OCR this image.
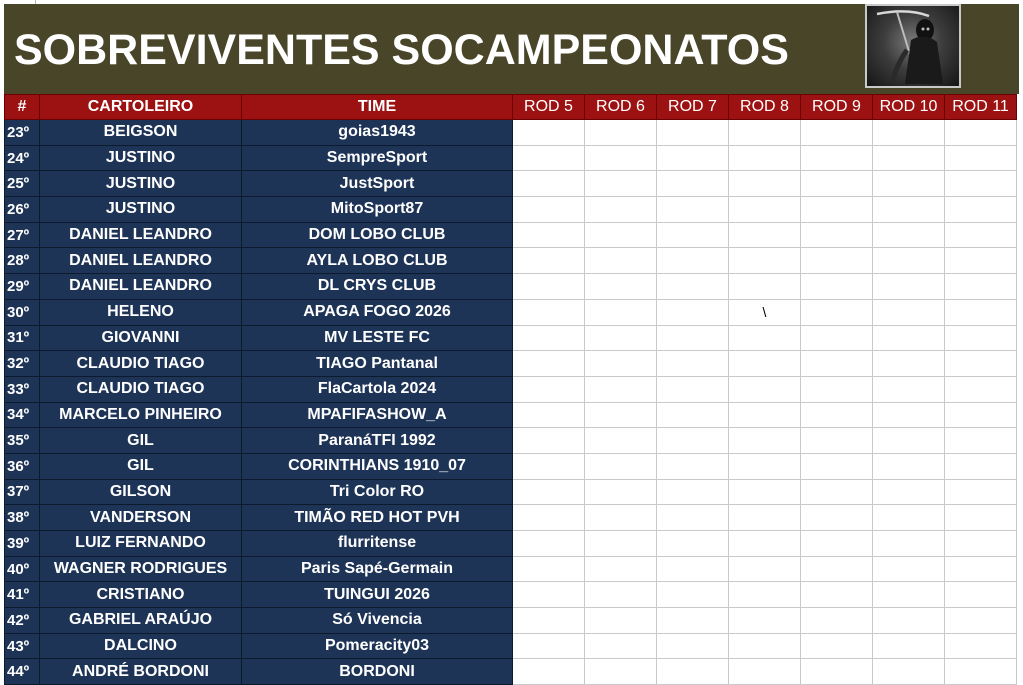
SOBREVIVENTES SOCAMPEONATOS
#	CARTOLEIRO	TIME	ROD 5	ROD 6	ROD 7	ROD 8	ROD 9	ROD 10	ROD 11
23º	BEIGSON	goias1943							
24º	JUSTINO	SempreSport							
25º	JUSTINO	JustSport							
26º	JUSTINO	MitoSport87							
27º	DANIEL LEANDRO	DOM LOBO CLUB							
28º	DANIEL LEANDRO	AYLA LOBO CLUB							
29º	DANIEL LEANDRO	DL CRYS CLUB							
30º	HELENO	APAGA FOGO 2026				\			
31º	GIOVANNI	MV LESTE FC							
32º	CLAUDIO TIAGO	TIAGO Pantanal							
33º	CLAUDIO TIAGO	FlaCartola 2024							
34º	MARCELO PINHEIRO	MPAFIFASHOW_A							
35º	GIL	ParanáTFI 1992							
36º	GIL	CORINTHIANS 1910_07							
37º	GILSON	Tri Color RO							
38º	VANDERSON	TIMÃO RED HOT PVH							
39º	LUIZ FERNANDO	flurritense							
40º	WAGNER RODRIGUES	Paris Sapé-Germain							
41º	CRISTIANO	TUINGUI 2026							
42º	GABRIEL ARAÚJO	Só Vivencia							
43º	DALCINO	Pomeracity03							
44º	ANDRÉ BORDONI	BORDONI							
